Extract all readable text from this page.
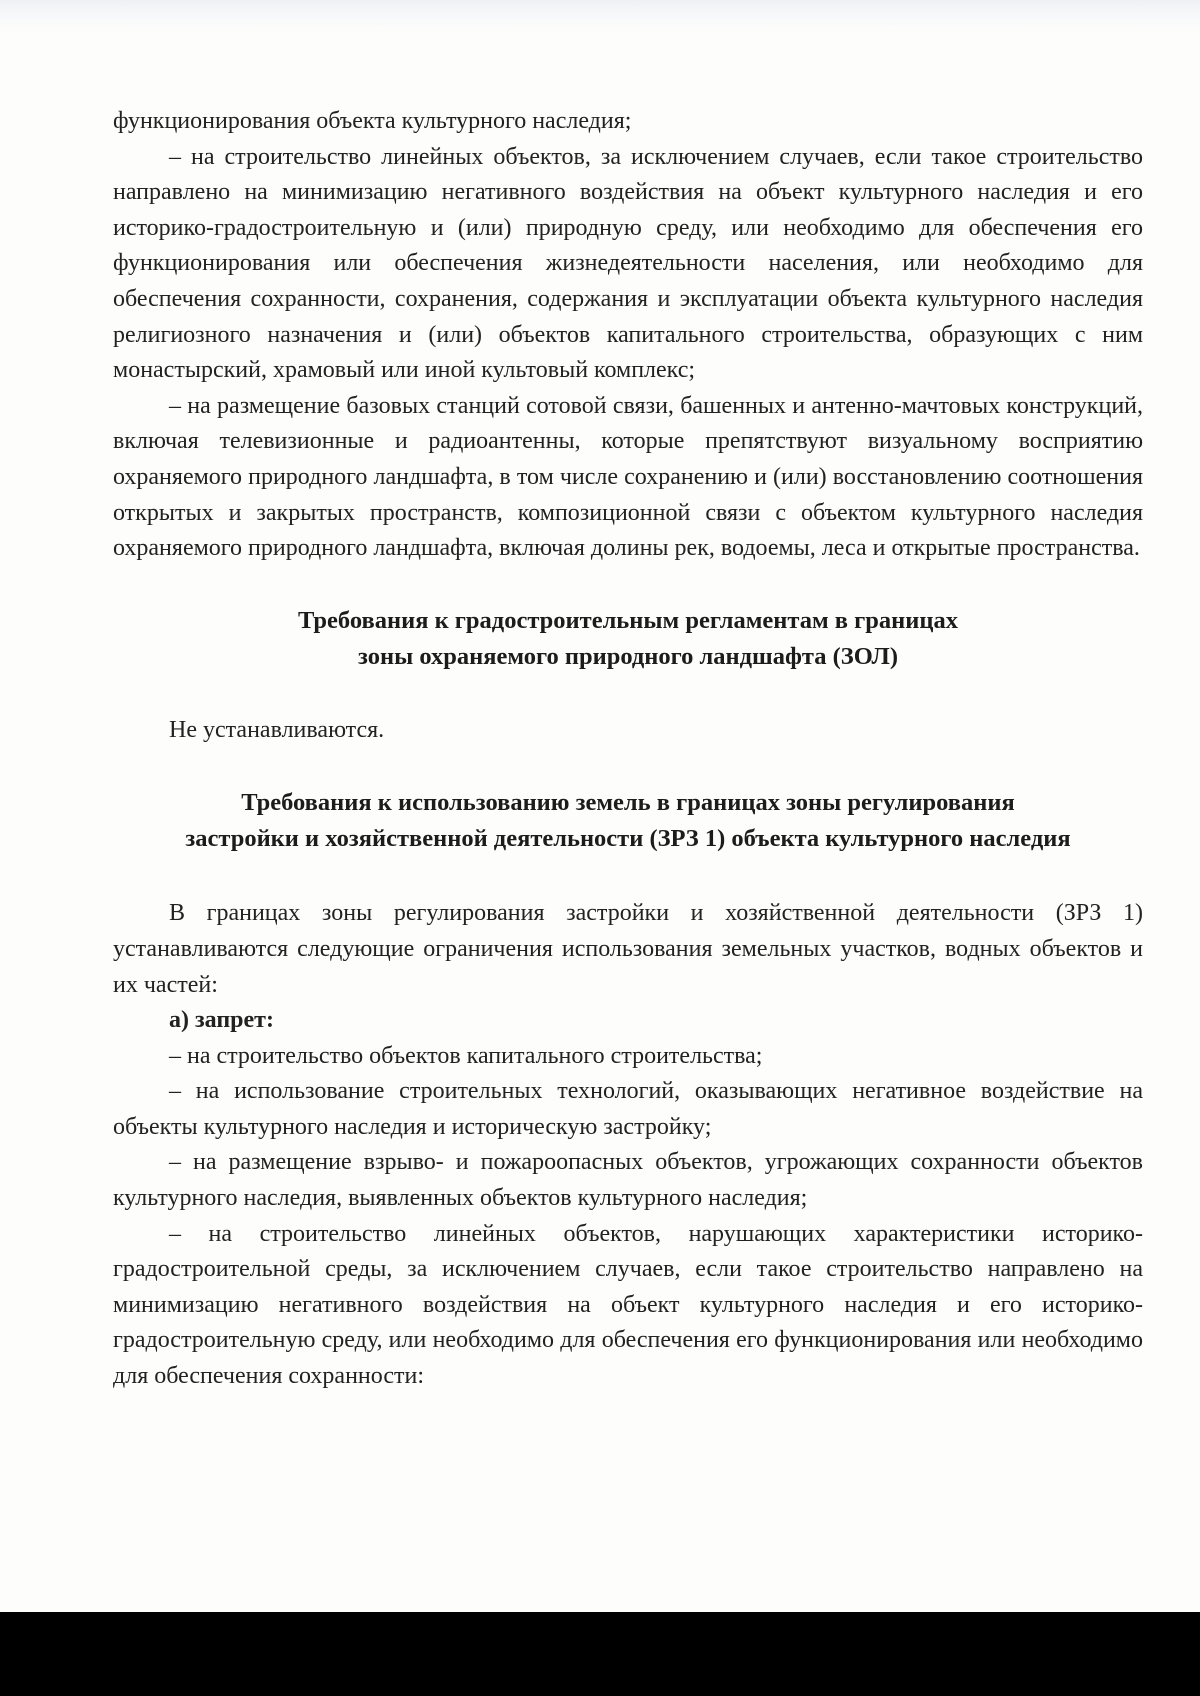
функционирования объекта культурного наследия;

– на строительство линейных объектов, за исключением случаев, если такое строительство направлено на минимизацию негативного воздействия на объект культурного наследия и его историко-градостроительную и (или) природную среду, или необходимо для обеспечения его функционирования или обеспечения жизнедеятельности населения, или необходимо для обеспечения сохранности, сохранения, содержания и эксплуатации объекта культурного наследия религиозного назначения и (или) объектов капитального строительства, образующих с ним монастырский, храмовый или иной культовый комплекс;

– на размещение базовых станций сотовой связи, башенных и антенно-мачтовых конструкций, включая телевизионные и радиоантенны, которые препятствуют визуальному восприятию охраняемого природного ландшафта, в том числе сохранению и (или) восстановлению соотношения открытых и закрытых пространств, композиционной связи с объектом культурного наследия охраняемого природного ландшафта, включая долины рек, водоемы, леса и открытые пространства.

Требования к градостроительным регламентам в границах

зоны охраняемого природного ландшафта (ЗОЛ)

Не устанавливаются.

Требования к использованию земель в границах зоны регулирования

застройки и хозяйственной деятельности (ЗРЗ 1) объекта культурного наследия

В границах зоны регулирования застройки и хозяйственной деятельности (ЗРЗ 1) устанавливаются следующие ограничения использования земельных участков, водных объектов и их частей:

а) запрет:

– на строительство объектов капитального строительства;

– на использование строительных технологий, оказывающих негативное воздействие на объекты культурного наследия и историческую застройку;

– на размещение взрыво- и пожароопасных объектов, угрожающих сохранности объектов культурного наследия, выявленных объектов культурного наследия;

– на строительство линейных объектов, нарушающих характеристики историко-градостроительной среды, за исключением случаев, если такое строительство направлено на минимизацию негативного воздействия на объект культурного наследия и его историко-градостроительную среду, или необходимо для обеспечения его функционирования или необходимо для обеспечения сохранности:
